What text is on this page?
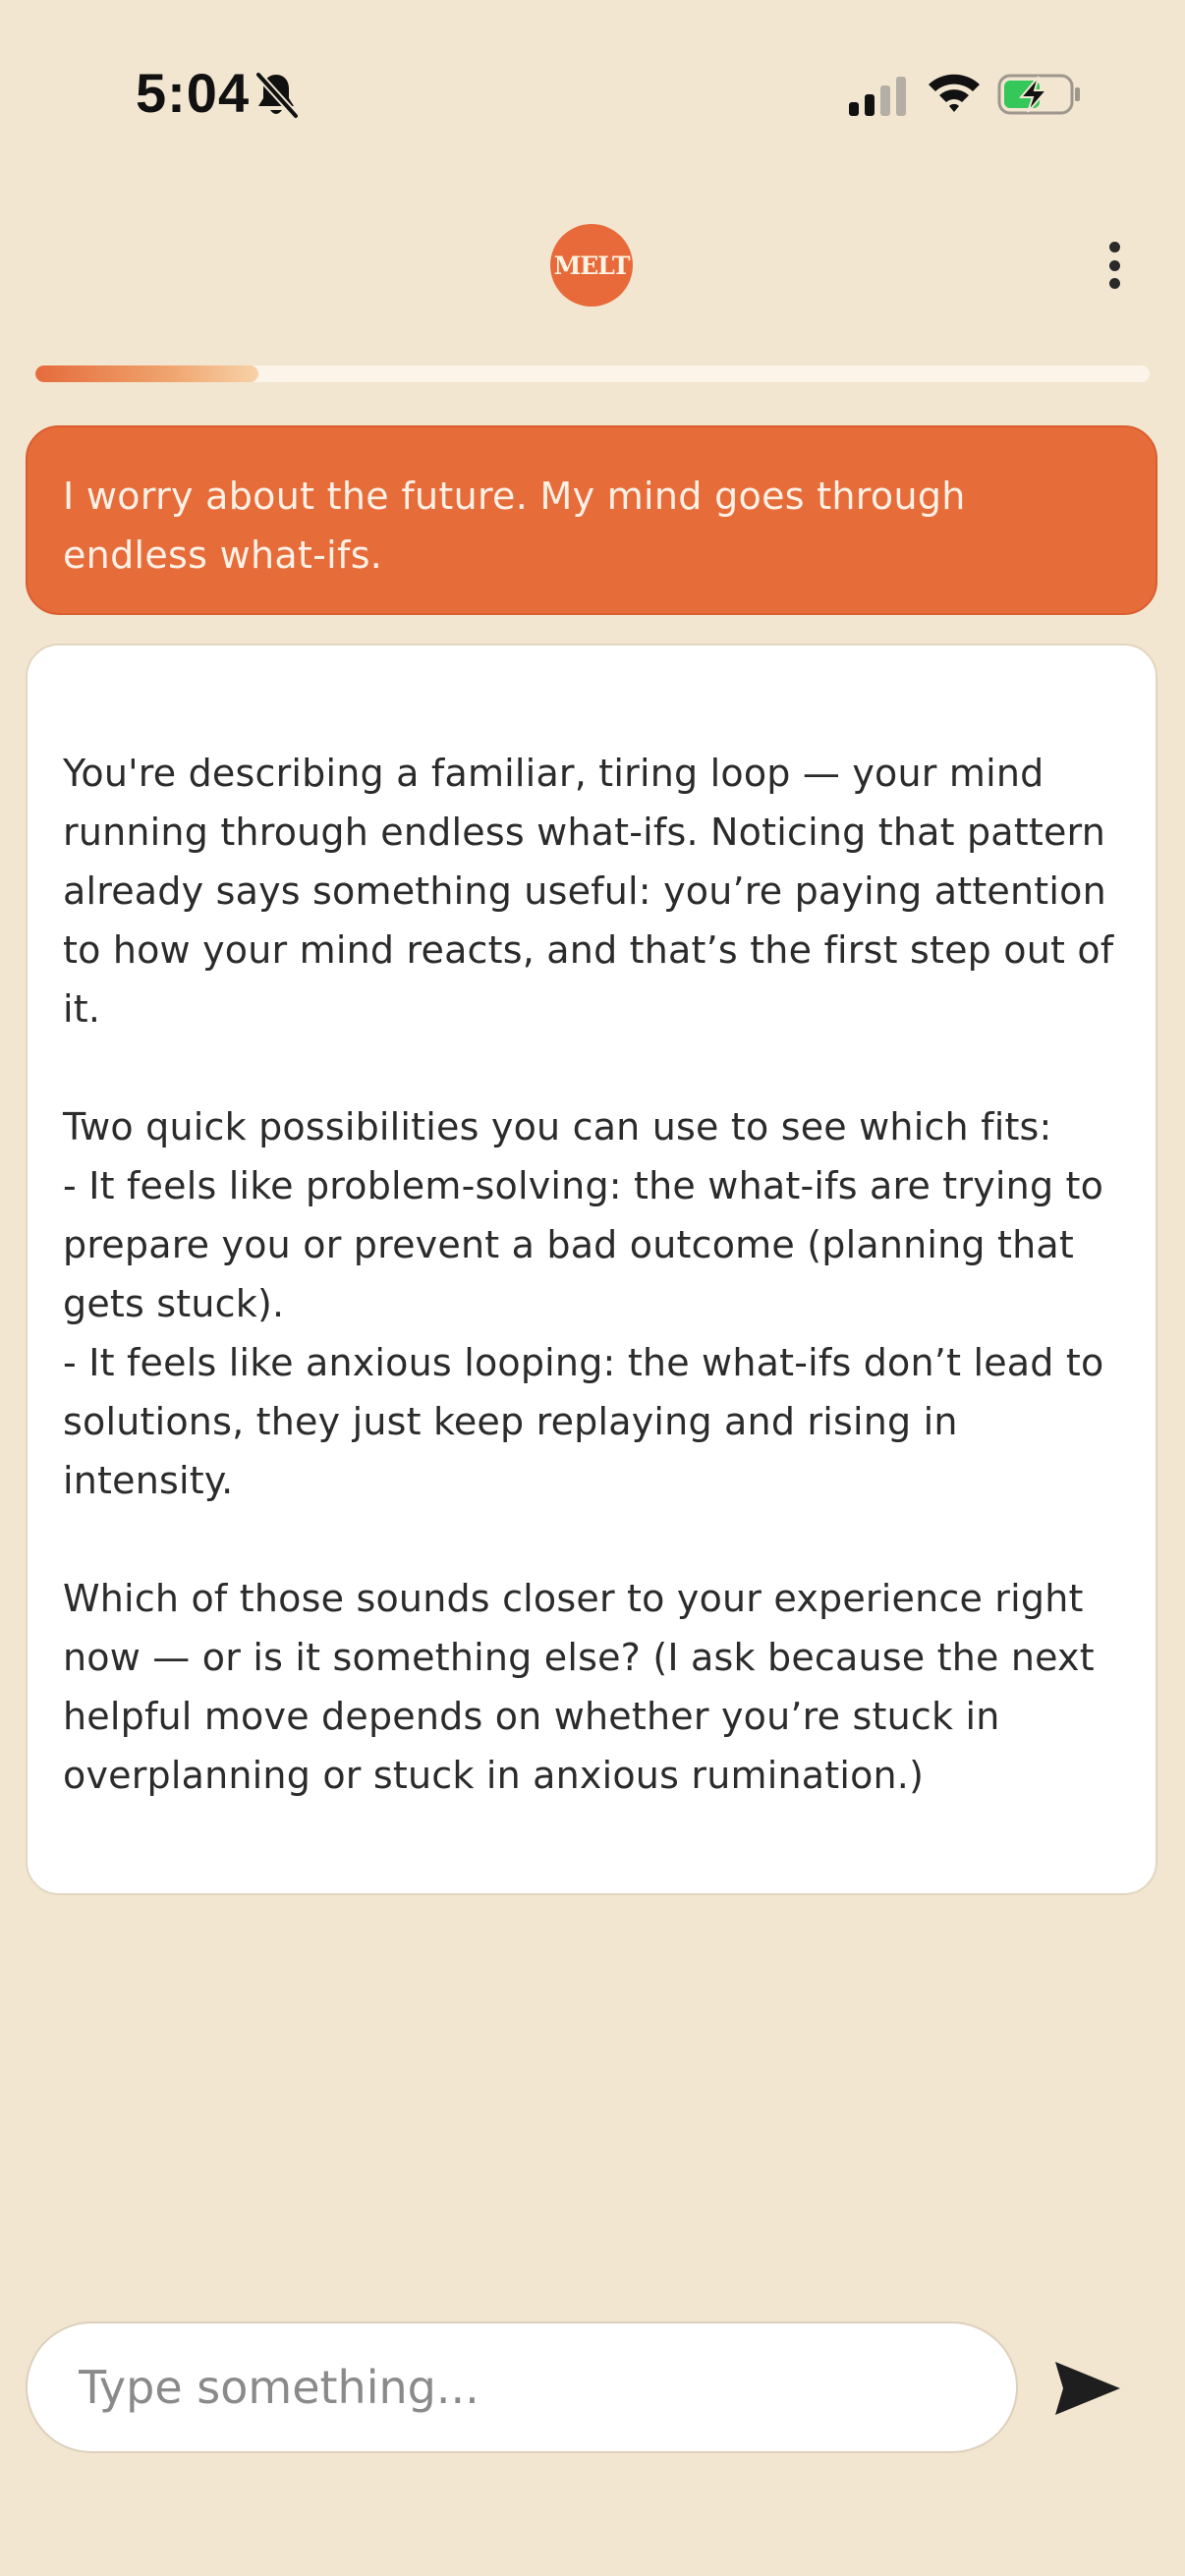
5:04
MELT
I worry about the future. My mind goes through endless what-ifs.

You're describing a familiar, tiring loop — your mind running through endless what-ifs. Noticing that pattern already says something useful: you’re paying attention to how your mind reacts, and that’s the first step out of it.

Two quick possibilities you can use to see which fits:
- It feels like problem-solving: the what-ifs are trying to prepare you or prevent a bad outcome (planning that gets stuck).
- It feels like anxious looping: the what-ifs don’t lead to solutions, they just keep replaying and rising in intensity.

Which of those sounds closer to your experience right now — or is it something else? (I ask because the next helpful move depends on whether you’re stuck in overplanning or stuck in anxious rumination.)

Type something...
